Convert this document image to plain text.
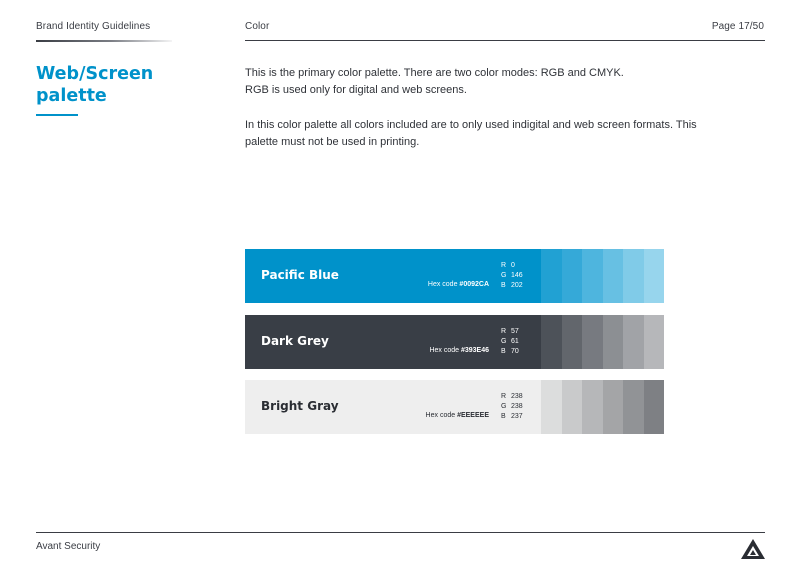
Brand Identity Guidelines	Color	Page 17/50
Web/Screen
palette
This is the primary color palette. There are two color modes: RGB and CMYK.
RGB is used only for digital and web screens.
In this color palette all colors included are to only used indigital and web screen formats. This
palette must not be used in printing.
Pacific Blue
Hex code #0092CA
R 0
G 146
B 202
Dark Grey
Hex code #393E46
R 57
G 61
B 70
Bright Gray
Hex code #EEEEEE
R 238
G 238
B 237
Avant Security
